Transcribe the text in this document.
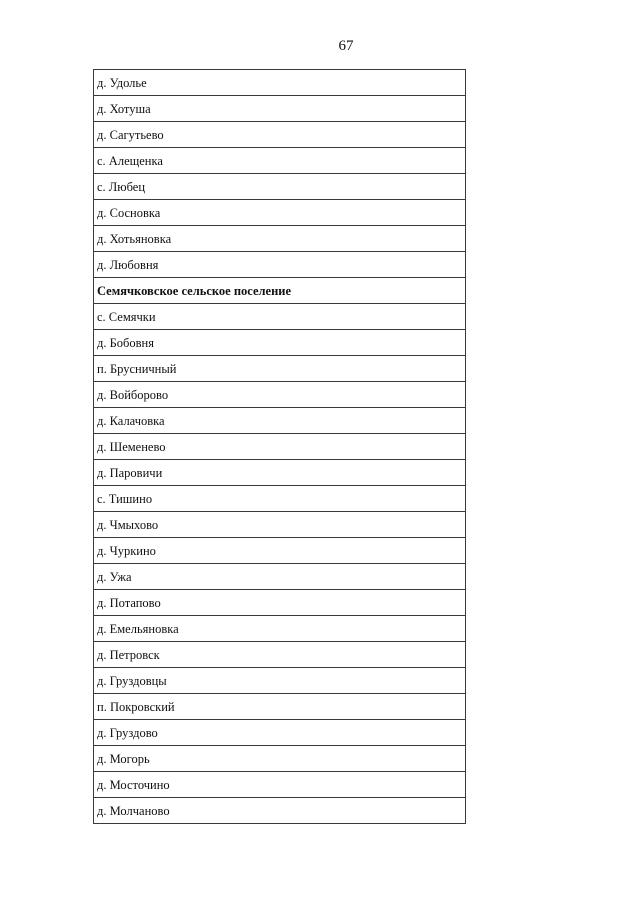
67
д. Удолье
д. Хотуша
д. Сагутьево
с. Алещенка
с. Любец
д. Сосновка
д. Хотьяновка
д. Любовня
Семячковское сельское поселение
с. Семячки
д. Бобовня
п. Брусничный
д. Войборово
д. Калачовка
д. Шеменево
д. Паровичи
с. Тишино
д. Чмыхово
д. Чуркино
д. Ужа
д. Потапово
д. Емельяновка
д. Петровск
д. Груздовцы
п. Покровский
д. Груздово
д. Могорь
д. Мосточино
д. Молчаново
